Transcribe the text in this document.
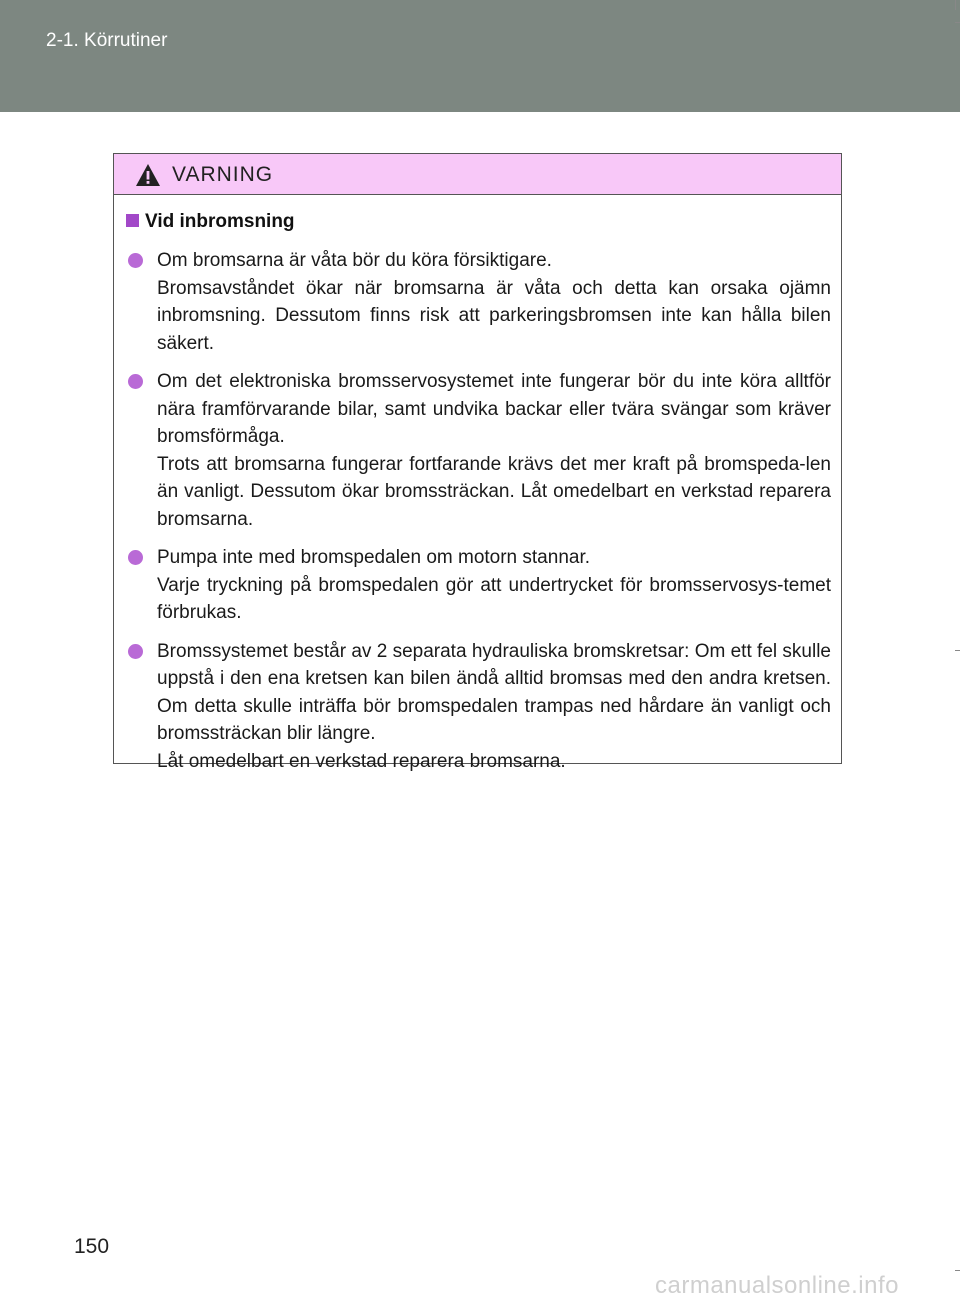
2-1. Körrutiner
VARNING
Vid inbromsning

Om bromsarna är våta bör du köra försiktigare.

Bromsavståndet ökar när bromsarna är våta och detta kan orsaka ojämn inbromsning. Dessutom finns risk att parkeringsbromsen inte kan hålla bilen säkert.

Om det elektroniska bromsservosystemet inte fungerar bör du inte köra alltför nära framförvarande bilar, samt undvika backar eller tvära svängar som kräver bromsförmåga.

Trots att bromsarna fungerar fortfarande krävs det mer kraft på bromspeda-len än vanligt. Dessutom ökar bromssträckan. Låt omedelbart en verkstad reparera bromsarna.

Pumpa inte med bromspedalen om motorn stannar.

Varje tryckning på bromspedalen gör att undertrycket för bromsservosys-temet förbrukas.

Bromssystemet består av 2 separata hydrauliska bromskretsar: Om ett fel skulle uppstå i den ena kretsen kan bilen ändå alltid bromsas med den andra kretsen. Om detta skulle inträffa bör bromspedalen trampas ned hårdare än vanligt och bromssträckan blir längre.

Låt omedelbart en verkstad reparera bromsarna.

150
carmanualsonline.info
